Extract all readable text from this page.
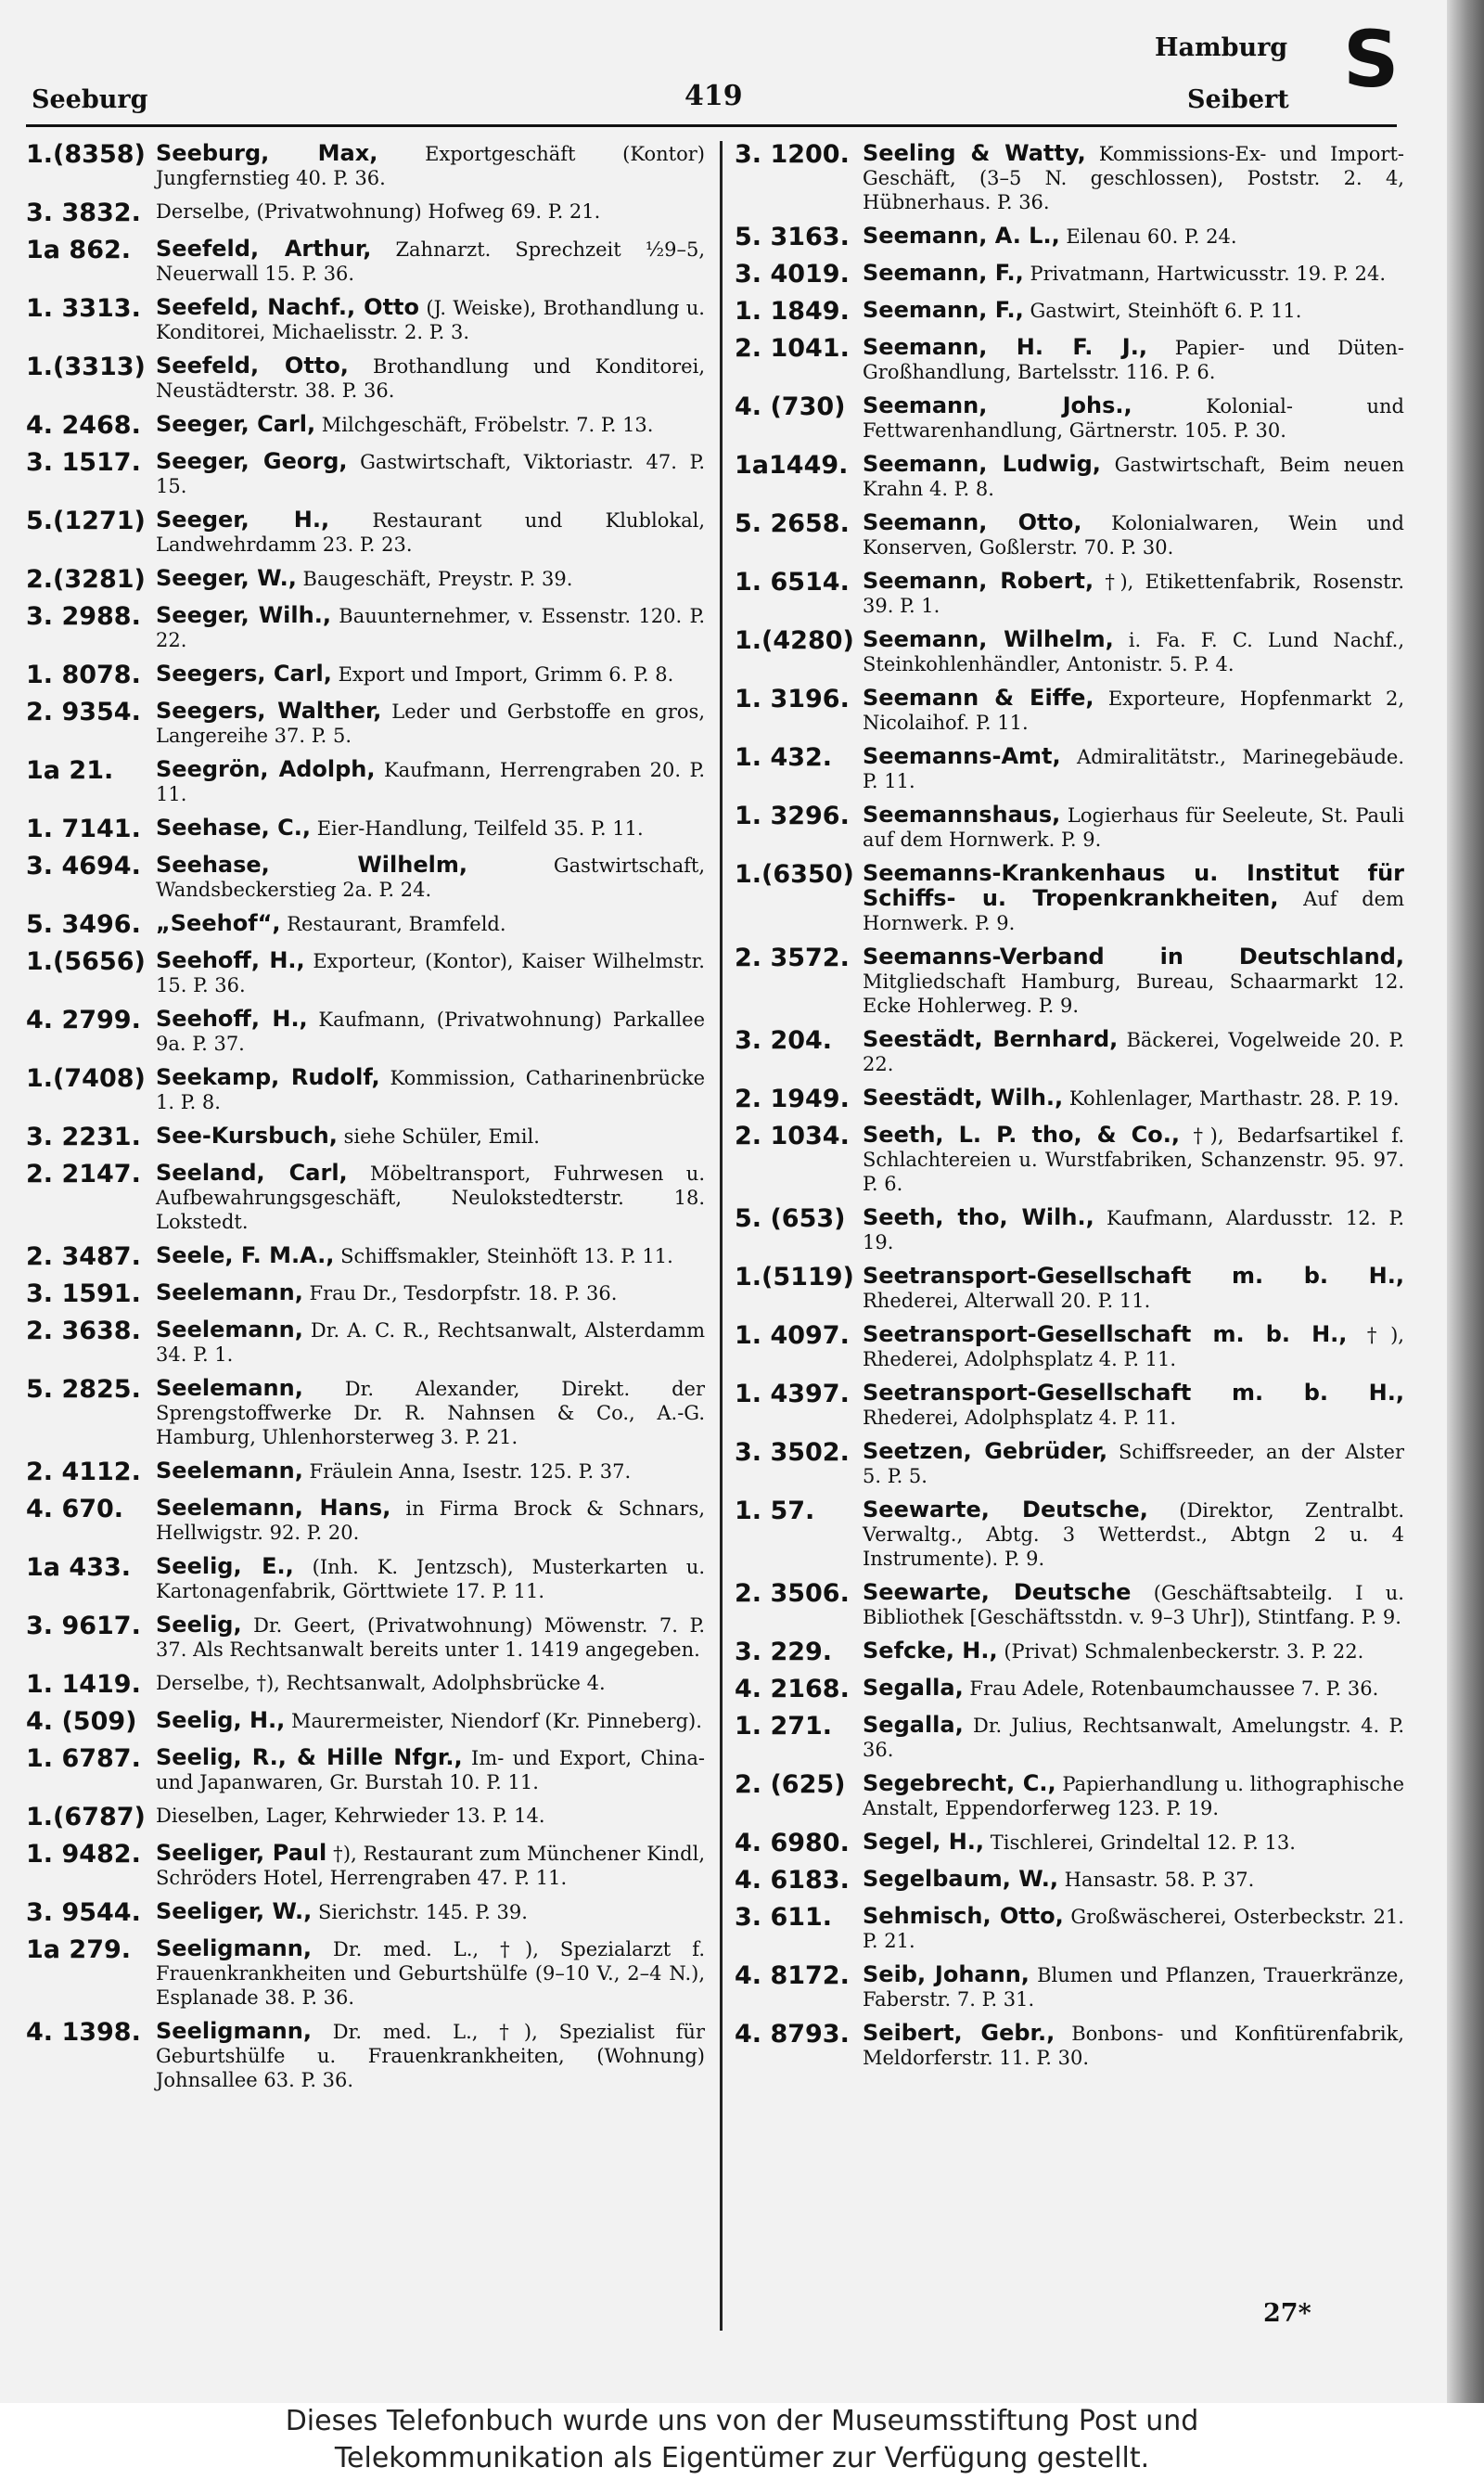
Seeburg	419
Hamburg
Seibert S
1.(8358) Seeburg, Max, Exportgeschäft (Kontor) Jungfernstieg 40. P. 36.
3. 3832. Derselbe, (Privatwohnung) Hofweg 69. P. 21.
1a 862.	Seefeld, Arthur, Zahnarzt. Sprechzeit ½9–5, Neuerwall 15. P. 36.
1. 3313. Seefeld, Nachf., Otto (J. Weiske), Brothandlung u. Konditorei, Michaelisstr. 2. P. 3.
1.(3313) Seefeld, Otto, Brothandlung und Konditorei, Neustädterstr. 38. P. 36.
4. 2468. Seeger, Carl, Milchgeschäft, Fröbelstr. 7. P. 13.
3. 1517. Seeger, Georg, Gastwirtschaft, Viktoriastr. 47. P. 15.
5.(1271) Seeger, H., Restaurant und Klublokal, Landwehrdamm 23. P. 23.
2.(3281) Seeger, W., Baugeschäft, Preystr. P. 39.
3. 2988. Seeger, Wilh., Bauunternehmer, v. Essenstr. 120. P. 22.
1. 8078. Seegers, Carl, Export und Import, Grimm 6. P. 8.
2. 9354. Seegers, Walther, Leder und Gerbstoffe en gros, Langereihe 37. P. 5.
1a 21.	Seegrön, Adolph, Kaufmann, Herrengraben 20. P. 11.
1. 7141. Seehase, C., Eier-Handlung, Teilfeld 35. P. 11.
3. 4694. Seehase, Wilhelm,	Gastwirtschaft, Wandsbeckerstieg 2a. P. 24.
5. 3496. „Seehof“, Restaurant, Bramfeld.
1.(5656) Seehoff, H., Exporteur, (Kontor), Kaiser Wilhelmstr. 15. P. 36.
4. 2799. Seehoff, H., Kaufmann, (Privatwohnung) Parkallee 9a. P. 37.
1.(7408) Seekamp, Rudolf, Kommission, Catharinenbrücke 1. P. 8.
3. 2231. See-Kursbuch, siehe Schüler, Emil.
2. 2147. Seeland, Carl, Möbeltransport, Fuhrwesen u. Aufbewahrungsgeschäft, Neulokstedterstr. 18. Lokstedt.
2. 3487. Seele, F. M.A., Schiffsmakler, Steinhöft 13. P. 11.
3. 1591. Seelemann, Frau Dr., Tesdorpfstr. 18. P. 36.
2. 3638. Seelemann, Dr. A. C. R., Rechtsanwalt, Alsterdamm 34. P. 1.
5. 2825. Seelemann, Dr. Alexander, Direkt. der Sprengstoffwerke Dr. R. Nahnsen & Co., A.-G. Hamburg, Uhlenhorsterweg 3. P. 21.
2. 4112. Seelemann, Fräulein Anna, Isestr. 125. P. 37.
4. 670.	Seelemann, Hans, in Firma Brock & Schnars, Hellwigstr. 92. P. 20.
1a 433.	Seelig, E., (Inh. K. Jentzsch), Musterkarten u. Kartonagenfabrik, Görttwiete 17. P. 11.
3. 9617. Seelig, Dr. Geert, (Privatwohnung) Möwenstr. 7. P. 37. Als Rechtsanwalt bereits unter 1. 1419 angegeben.
1. 1419. Derselbe, †), Rechtsanwalt, Adolphsbrücke 4.
4. (509) Seelig, H., Maurermeister, Niendorf (Kr. Pinneberg).
1. 6787. Seelig, R., & Hille Nfgr., Im- und Export, China- und Japanwaren, Gr. Burstah 10. P. 11.
1.(6787) Dieselben, Lager, Kehrwieder 13. P. 14.
1. 9482. Seeliger, Paul †), Restaurant zum Münchener Kindl, Schröders Hotel, Herrengraben 47. P. 11.
3. 9544. Seeliger, W., Sierichstr. 145. P. 39.
1a 279.	Seeligmann, Dr. med. L., †), Spezialarzt f. Frauenkrankheiten und Geburtshülfe (9–10 V., 2–4 N.), Esplanade 38. P. 36.
4. 1398. Seeligmann, Dr. med. L., †), Spezialist für Geburtshülfe u. Frauenkrankheiten, (Wohnung) Johnsallee 63. P. 36.
3. 1200. Seeling & Watty, Kommissions-Ex- und Import-Geschäft, (3–5 N. geschlossen), Poststr. 2. 4, Hübnerhaus. P. 36.
5. 3163. Seemann, A. L., Eilenau 60. P. 24.
3. 4019. Seemann, F., Privatmann, Hartwicusstr. 19. P. 24.
1. 1849. Seemann, F., Gastwirt, Steinhöft 6. P. 11.
2. 1041. Seemann, H. F. J., Papier- und Düten-Großhandlung, Bartelsstr. 116. P. 6.
4. (730) Seemann, Johs.,	Kolonial- und Fettwarenhandlung, Gärtnerstr. 105. P. 30.
1a1449. Seemann, Ludwig, Gastwirtschaft, Beim neuen Krahn 4. P. 8.
5. 2658. Seemann, Otto, Kolonialwaren, Wein und Konserven, Goßlerstr. 70. P. 30.
1. 6514. Seemann, Robert, †), Etikettenfabrik, Rosenstr. 39. P. 1.
1.(4280) Seemann, Wilhelm, i. Fa. F. C. Lund Nachf., Steinkohlenhändler, Antonistr. 5. P. 4.
1. 3196. Seemann & Eiffe, Exporteure, Hopfenmarkt 2, Nicolaihof. P. 11.
1. 432.	Seemanns-Amt, Admiralitätstr., Marinegebäude. P. 11.
1. 3296. Seemannshaus, Logierhaus für Seeleute, St. Pauli auf dem Hornwerk. P. 9.
1.(6350) Seemanns-Krankenhaus u. Institut für Schiffs- u. Tropenkrankheiten, Auf dem Hornwerk. P. 9.
2. 3572. Seemanns-Verband in Deutschland, Mitgliedschaft Hamburg, Bureau, Schaarmarkt 12. Ecke Hohlerweg. P. 9.
3. 204.	Seestädt, Bernhard, Bäckerei, Vogelweide 20. P. 22.
2. 1949. Seestädt, Wilh., Kohlenlager, Marthastr. 28. P. 19.
2. 1034. Seeth, L. P. tho, & Co., †), Bedarfsartikel f. Schlachtereien u. Wurstfabriken, Schanzenstr. 95. 97. P. 6.
5. (653) Seeth, tho, Wilh., Kaufmann, Alardusstr. 12. P. 19.
1.(5119) Seetransport-Gesellschaft m. b. H., Rhederei, Alterwall 20. P. 11.
1. 4097. Seetransport-Gesellschaft m. b. H., †), Rhederei, Adolphsplatz 4. P. 11.
1. 4397. Seetransport-Gesellschaft m. b. H., Rhederei, Adolphsplatz 4. P. 11.
3. 3502. Seetzen, Gebrüder, Schiffsreeder, an der Alster 5. P. 5.
1. 57.	Seewarte, Deutsche, (Direktor, Zentralbt. Verwaltg., Abtg. 3 Wetterdst., Abtgn 2 u. 4 Instrumente). P. 9.
2. 3506. Seewarte, Deutsche (Geschäftsabteilg. I u. Bibliothek [Geschäftsstdn. v. 9–3 Uhr]), Stintfang. P. 9.
3. 229.	Sefcke, H., (Privat) Schmalenbeckerstr. 3. P. 22.
4. 2168. Segalla, Frau Adele, Rotenbaumchaussee 7. P. 36.
1. 271.	Segalla, Dr. Julius, Rechtsanwalt, Amelungstr. 4. P. 36.
2. (625) Segebrecht, C., Papierhandlung u. lithographische Anstalt, Eppendorferweg 123. P. 19.
4. 6980. Segel, H., Tischlerei, Grindeltal 12. P. 13.
4. 6183. Segelbaum, W., Hansastr. 58. P. 37.
3. 611.	Sehmisch, Otto, Großwäscherei, Osterbeckstr. 21. P. 21.
4. 8172. Seib, Johann, Blumen und Pflanzen, Trauerkränze, Faberstr. 7. P. 31.
4. 8793. Seibert, Gebr., Bonbons- und Konfitürenfabrik, Meldorferstr. 11. P. 30.
27*
Dieses Telefonbuch wurde uns von der Museumsstiftung Post und
Telekommunikation als Eigentümer zur Verfügung gestellt.
